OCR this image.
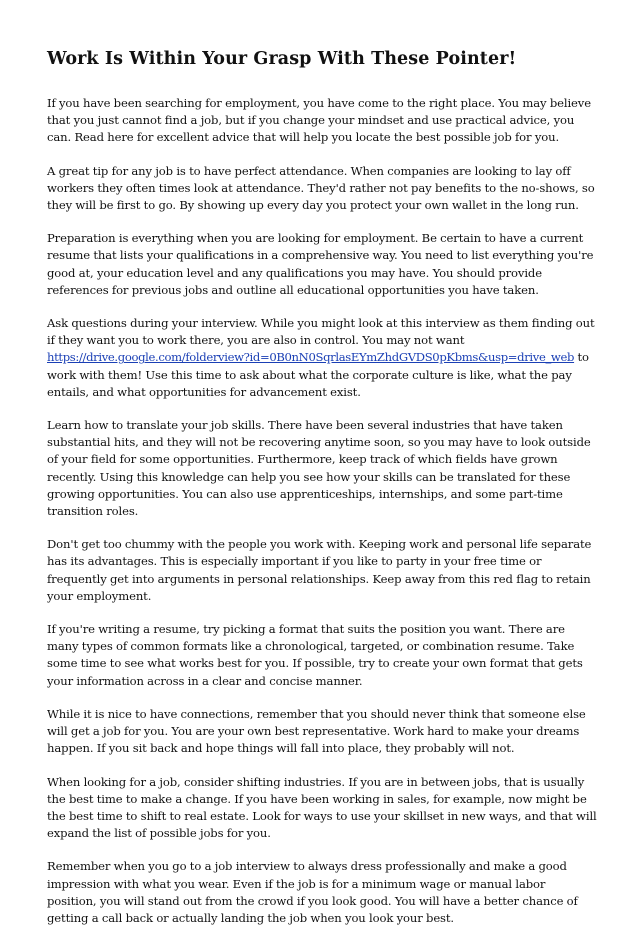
Work Is Within Your Grasp With These Pointer!

If you have been searching for employment, you have come to the right place. You may believe that you just cannot find a job, but if you change your mindset and use practical advice, you can. Read here for excellent advice that will help you locate the best possible job for you.

A great tip for any job is to have perfect attendance. When companies are looking to lay off workers they often times look at attendance. They'd rather not pay benefits to the no-shows, so they will be first to go. By showing up every day you protect your own wallet in the long run.

Preparation is everything when you are looking for employment. Be certain to have a current resume that lists your qualifications in a comprehensive way. You need to list everything you're good at, your education level and any qualifications you may have. You should provide references for previous jobs and outline all educational opportunities you have taken.

Ask questions during your interview. While you might look at this interview as them finding out if they want you to work there, you are also in control. You may not want https://drive.google.com/folderview?id=0B0nN0SqrlasEYmZhdGVDS0pKbms&usp=drive_web to work with them! Use this time to ask about what the corporate culture is like, what the pay entails, and what opportunities for advancement exist.

Learn how to translate your job skills. There have been several industries that have taken substantial hits, and they will not be recovering anytime soon, so you may have to look outside of your field for some opportunities. Furthermore, keep track of which fields have grown recently. Using this knowledge can help you see how your skills can be translated for these growing opportunities. You can also use apprenticeships, internships, and some part-time transition roles.

Don't get too chummy with the people you work with. Keeping work and personal life separate has its advantages. This is especially important if you like to party in your free time or frequently get into arguments in personal relationships. Keep away from this red flag to retain your employment.

If you're writing a resume, try picking a format that suits the position you want. There are many types of common formats like a chronological, targeted, or combination resume. Take some time to see what works best for you. If possible, try to create your own format that gets your information across in a clear and concise manner.

While it is nice to have connections, remember that you should never think that someone else will get a job for you. You are your own best representative. Work hard to make your dreams happen. If you sit back and hope things will fall into place, they probably will not.

When looking for a job, consider shifting industries. If you are in between jobs, that is usually the best time to make a change. If you have been working in sales, for example, now might be the best time to shift to real estate. Look for ways to use your skillset in new ways, and that will expand the list of possible jobs for you.

Remember when you go to a job interview to always dress professionally and make a good impression with what you wear. Even if the job is for a minimum wage or manual labor position, you will stand out from the crowd if you look good. You will have a better chance of getting a call back or actually landing the job when you look your best.
